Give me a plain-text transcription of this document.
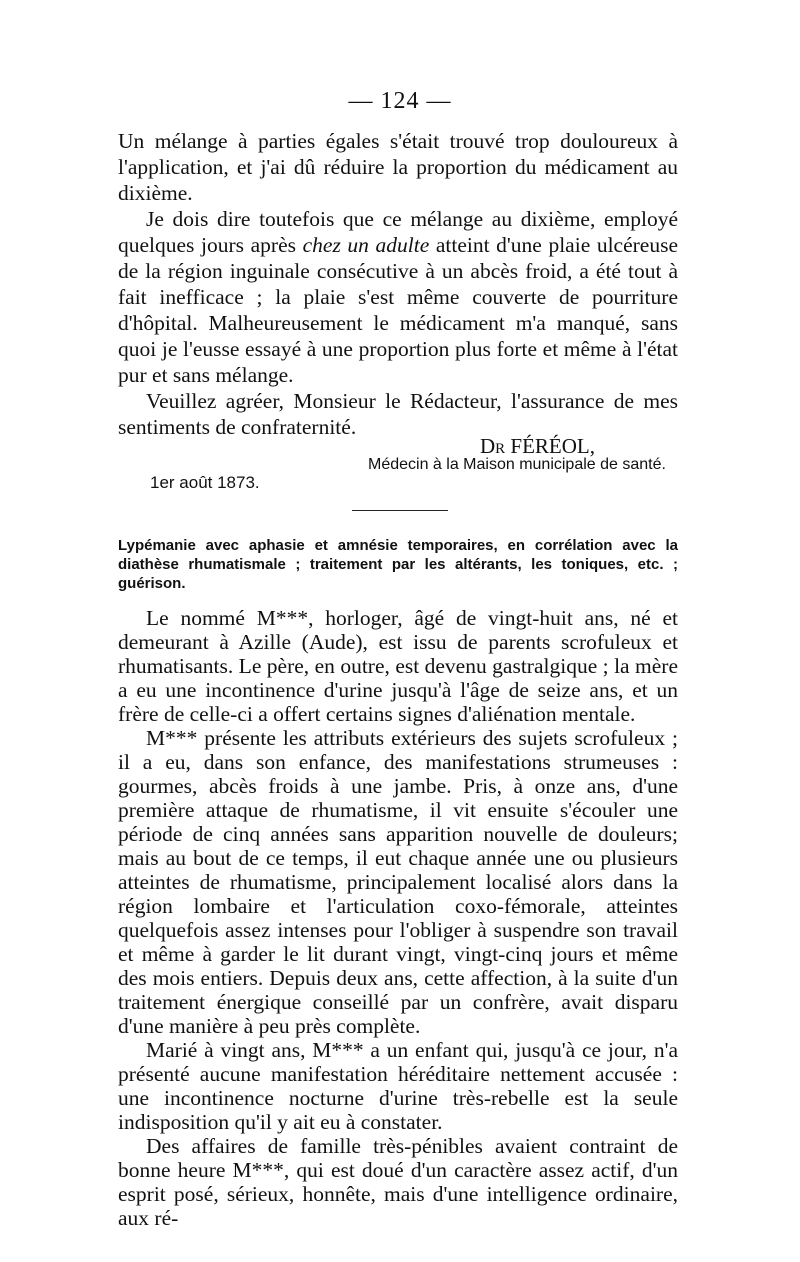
— 124 —

Un mélange à parties égales s'était trouvé trop douloureux à l'application, et j'ai dû réduire la proportion du médicament au dixième.

Je dois dire toutefois que ce mélange au dixième, employé quelques jours après chez un adulte atteint d'une plaie ulcéreuse de la région inguinale consécutive à un abcès froid, a été tout à fait inefficace ; la plaie s'est même couverte de pourriture d'hôpital. Malheureusement le médicament m'a manqué, sans quoi je l'eusse essayé à une proportion plus forte et même à l'état pur et sans mélange.

Veuillez agréer, Monsieur le Rédacteur, l'assurance de mes sentiments de confraternité.

Dr FÉRÉOL,
Médecin à la Maison municipale de santé.
1er août 1873.
Lypémanie avec aphasie et amnésie temporaires, en corrélation avec la diathèse rhumatismale ; traitement par les altérants, les toniques, etc. ; guérison.

Le nommé M***, horloger, âgé de vingt-huit ans, né et demeurant à Azille (Aude), est issu de parents scrofuleux et rhumatisants. Le père, en outre, est devenu gastralgique ; la mère a eu une incontinence d'urine jusqu'à l'âge de seize ans, et un frère de celle-ci a offert certains signes d'aliénation mentale.

M*** présente les attributs extérieurs des sujets scrofuleux ; il a eu, dans son enfance, des manifestations strumeuses : gourmes, abcès froids à une jambe. Pris, à onze ans, d'une première attaque de rhumatisme, il vit ensuite s'écouler une période de cinq années sans apparition nouvelle de douleurs; mais au bout de ce temps, il eut chaque année une ou plusieurs atteintes de rhumatisme, principalement localisé alors dans la région lombaire et l'articulation coxo-fémorale, atteintes quelquefois assez intenses pour l'obliger à suspendre son travail et même à garder le lit durant vingt, vingt-cinq jours et même des mois entiers. Depuis deux ans, cette affection, à la suite d'un traitement énergique conseillé par un confrère, avait disparu d'une manière à peu près complète.

Marié à vingt ans, M*** a un enfant qui, jusqu'à ce jour, n'a présenté aucune manifestation héréditaire nettement accusée : une incontinence nocturne d'urine très-rebelle est la seule indisposition qu'il y ait eu à constater.

Des affaires de famille très-pénibles avaient contraint de bonne heure M***, qui est doué d'un caractère assez actif, d'un esprit posé, sérieux, honnête, mais d'une intelligence ordinaire, aux ré-
